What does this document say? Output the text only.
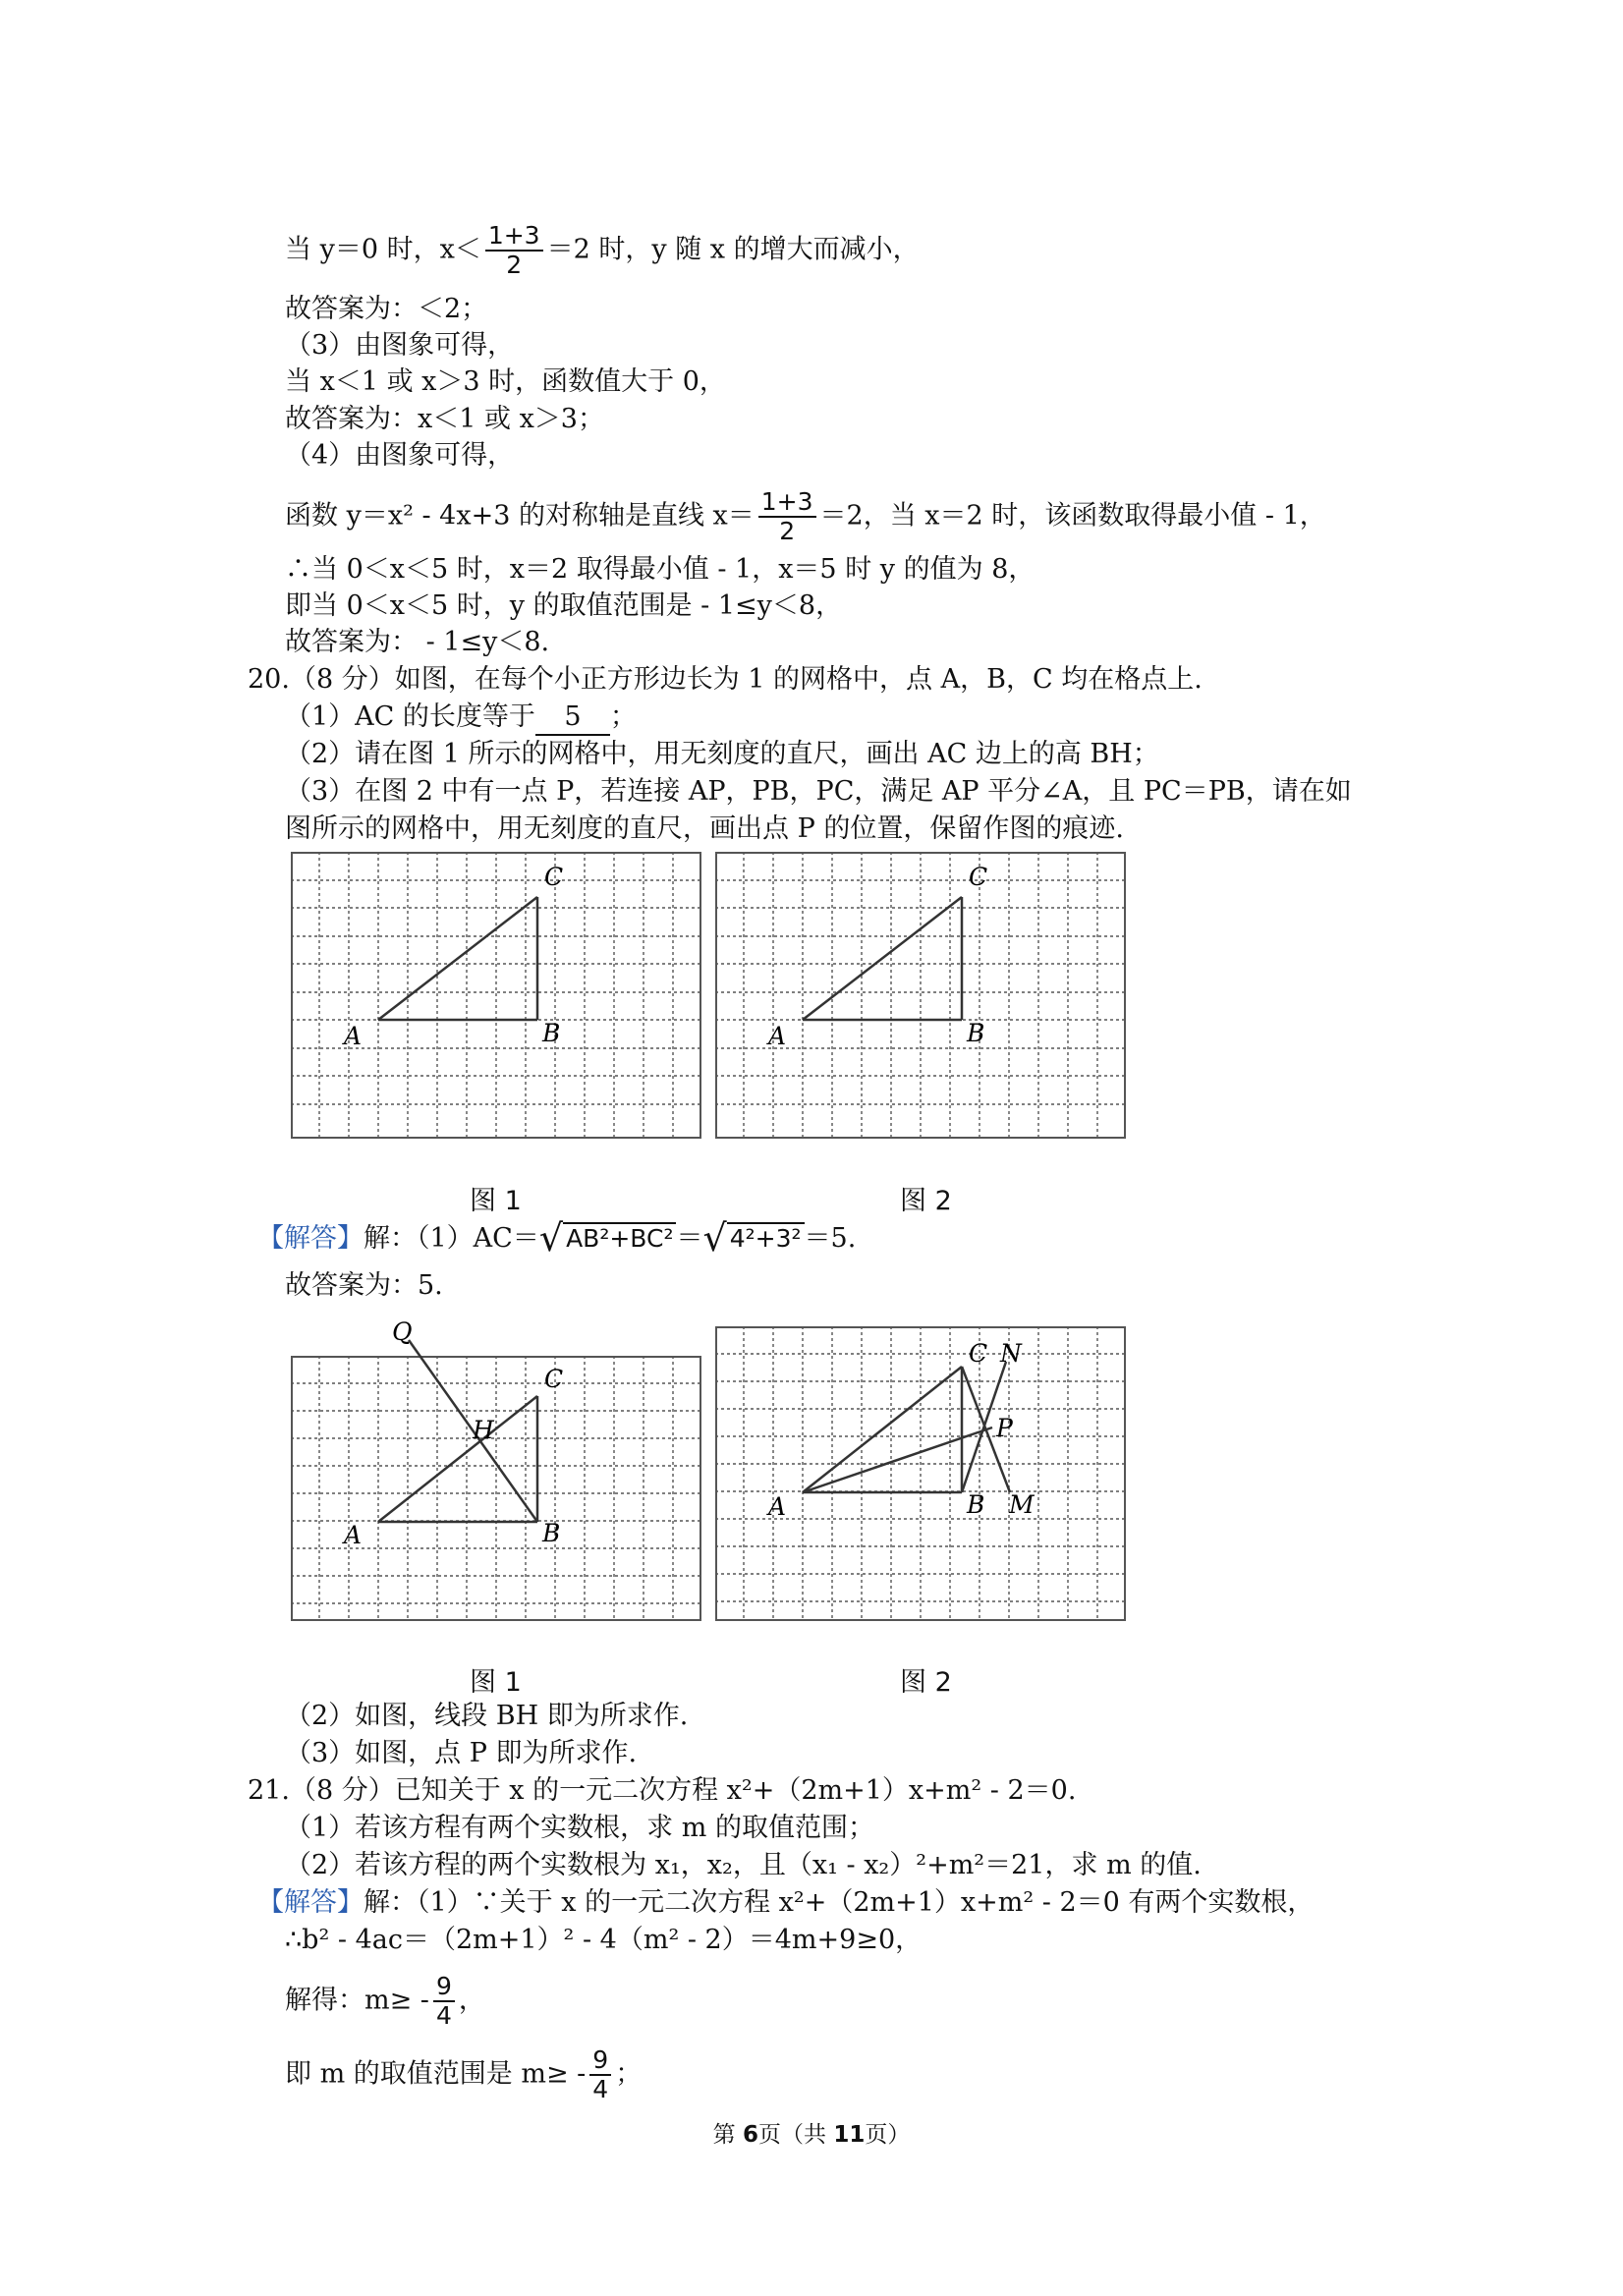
当 y＝0 时，$x< \frac{1+3}{2} =2$ 时，y 随 x 的增大而减小，
故答案为：＜2；
（3）由图象可得，
当 x＜1 或 x＞3 时，函数值大于 0，
故答案为：x＜1 或 x＞3；
（4）由图象可得，
函数 y＝x² - 4x+3 的对称轴是直线 $x= \frac{1+3}{2} =2$，当 x＝2 时，该函数取得最小值 - 1，
∴当 0＜x＜5 时，x＝2 取得最小值 - 1，x＝5 时 y 的值为 8，
即当 0＜x＜5 时，y 的取值范围是 - 1≤y＜8，
故答案为： - 1≤y＜8.
20.（8 分）如图，在每个小正方形边长为 1 的网格中，点 A，B，C 均在格点上.
（1）AC 的长度等于 5 ；
（2）请在图 1 所示的网格中，用无刻度的直尺，画出 AC 边上的高 BH；
（3）在图 2 中有一点 P，若连接 AP，PB，PC，满足 AP 平分∠A，且 PC＝PB，请在如
图所示的网格中，用无刻度的直尺，画出点 P 的位置，保留作图的痕迹.
A	B
C
A	B
C
图 1	图 2
【解答】解：（1）AC＝√ AB²+BC² ＝√ 4²+3² ＝5.
故答案为：5.
Q
H
A	B
C
A	B
C N
P
M
图 1	图 2
（2）如图，线段 BH 即为所求作.
（3）如图，点 P 即为所求作.
21.（8 分）已知关于 x 的一元二次方程 x²+（2m+1）x+m² - 2＝0.
（1）若该方程有两个实数根，求 m 的取值范围；
（2）若该方程的两个实数根为 x₁，x₂，且（x₁ - x₂）²+m²＝21，求 m 的值.
【解答】解：（1）∵关于 x 的一元二次方程 x²+（2m+1）x+m² - 2＝0 有两个实数根，
∴b² - 4ac＝（2m+1）² - 4（m² - 2）＝4m+9≥0，
解得：$m\ge - \frac{9}{4}$ ，
即 m 的取值范围是 $m\ge - \frac{9}{4}$ ；
第 6页（共 11页）
